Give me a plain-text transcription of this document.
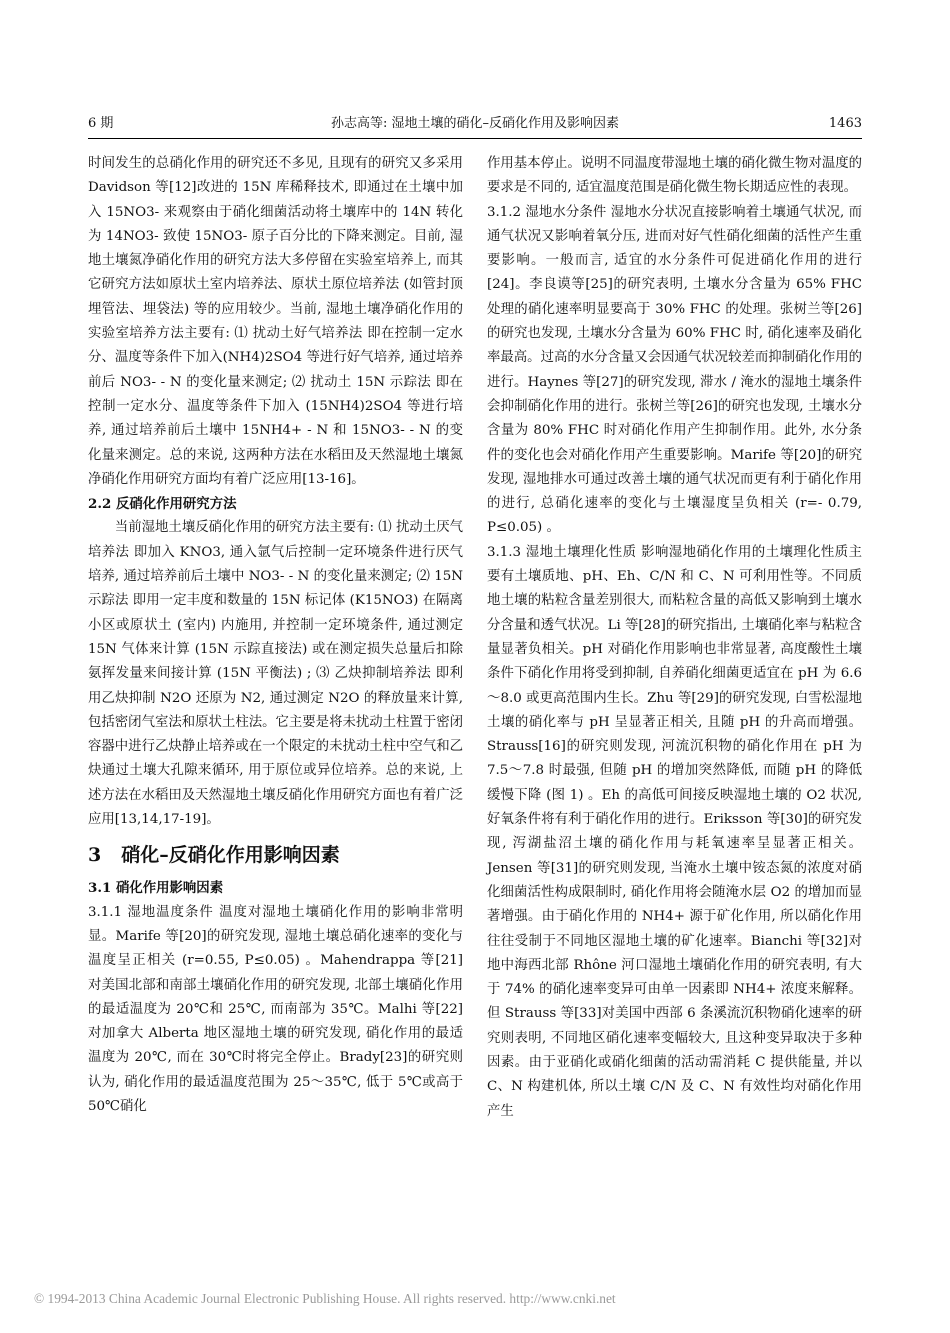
6 期	孙志高等: 湿地土壤的硝化–反硝化作用及影响因素	1463

时间发生的总硝化作用的研究还不多见, 且现有的研究又多采用 Davidson 等[12]改进的 15N 库稀释技术, 即通过在土壤中加入 15NO3- 来观察由于硝化细菌活动将土壤库中的 14N 转化为 14NO3- 致使 15NO3- 原子百分比的下降来测定。目前, 湿地土壤氮净硝化作用的研究方法大多停留在实验室培养上, 而其它研究方法如原状土室内培养法、原状土原位培养法 (如管封顶埋管法、埋袋法) 等的应用较少。当前, 湿地土壤净硝化作用的实验室培养方法主要有: ⑴ 扰动土好气培养法 即在控制一定水分、温度等条件下加入(NH4)2SO4 等进行好气培养, 通过培养前后 NO3- - N 的变化量来测定; ⑵ 扰动土 15N 示踪法 即在控制一定水分、温度等条件下加入 (15NH4)2SO4 等进行培养, 通过培养前后土壤中 15NH4+ - N 和 15NO3- - N 的变化量来测定。总的来说, 这两种方法在水稻田及天然湿地土壤氮净硝化作用研究方面均有着广泛应用[13-16]。

2.2 反硝化作用研究方法

当前湿地土壤反硝化作用的研究方法主要有: ⑴ 扰动土厌气培养法 即加入 KNO3, 通入氩气后控制一定环境条件进行厌气培养, 通过培养前后土壤中 NO3- - N 的变化量来测定; ⑵ 15N 示踪法 即用一定丰度和数量的 15N 标记体 (K15NO3) 在隔离小区或原状土 (室内) 内施用, 并控制一定环境条件, 通过测定 15N 气体来计算 (15N 示踪直接法) 或在测定损失总量后扣除氨挥发量来间接计算 (15N 平衡法) ; ⑶ 乙炔抑制培养法 即利用乙炔抑制 N2O 还原为 N2, 通过测定 N2O 的释放量来计算, 包括密闭气室法和原状土柱法。它主要是将未扰动土柱置于密闭容器中进行乙炔静止培养或在一个限定的未扰动土柱中空气和乙炔通过土壤大孔隙来循环, 用于原位或异位培养。总的来说, 上述方法在水稻田及天然湿地土壤反硝化作用研究方面也有着广泛应用[13,14,17-19]。

3 硝化–反硝化作用影响因素

3.1 硝化作用影响因素

3.1.1 湿地温度条件 温度对湿地土壤硝化作用的影响非常明显。Marife 等[20]的研究发现, 湿地土壤总硝化速率的变化与温度呈正相关 (r=0.55, P≤0.05) 。Mahendrappa 等[21] 对美国北部和南部土壤硝化作用的研究发现, 北部土壤硝化作用的最适温度为 20℃和 25℃, 而南部为 35℃。Malhi 等[22]对加拿大 Alberta 地区湿地土壤的研究发现, 硝化作用的最适温度为 20℃, 而在 30℃时将完全停止。Brady[23]的研究则认为, 硝化作用的最适温度范围为 25～35℃, 低于 5℃或高于 50℃硝化

作用基本停止。说明不同温度带湿地土壤的硝化微生物对温度的要求是不同的, 适宜温度范围是硝化微生物长期适应性的表现。

3.1.2 湿地水分条件 湿地水分状况直接影响着土壤通气状况, 而通气状况又影响着氧分压, 进而对好气性硝化细菌的活性产生重要影响。一般而言, 适宜的水分条件可促进硝化作用的进行[24]。李良谟等[25]的研究表明, 土壤水分含量为 65% FHC 处理的硝化速率明显要高于 30% FHC 的处理。张树兰等[26]的研究也发现, 土壤水分含量为 60% FHC 时, 硝化速率及硝化率最高。过高的水分含量又会因通气状况较差而抑制硝化作用的进行。Haynes 等[27]的研究发现, 滞水 / 淹水的湿地土壤条件会抑制硝化作用的进行。张树兰等[26]的研究也发现, 土壤水分含量为 80% FHC 时对硝化作用产生抑制作用。此外, 水分条件的变化也会对硝化作用产生重要影响。Marife 等[20]的研究发现, 湿地排水可通过改善土壤的通气状况而更有利于硝化作用的进行, 总硝化速率的变化与土壤湿度呈负相关 (r=- 0.79, P≤0.05) 。

3.1.3 湿地土壤理化性质 影响湿地硝化作用的土壤理化性质主要有土壤质地、pH、Eh、C/N 和 C、N 可利用性等。不同质地土壤的粘粒含量差别很大, 而粘粒含量的高低又影响到土壤水分含量和透气状况。Li 等[28]的研究指出, 土壤硝化率与粘粒含量显著负相关。pH 对硝化作用影响也非常显著, 高度酸性土壤条件下硝化作用将受到抑制, 自养硝化细菌更适宜在 pH 为 6.6～8.0 或更高范围内生长。Zhu 等[29]的研究发现, 白雪松湿地土壤的硝化率与 pH 呈显著正相关, 且随 pH 的升高而增强。Strauss[16]的研究则发现, 河流沉积物的硝化作用在 pH 为 7.5～7.8 时最强, 但随 pH 的增加突然降低, 而随 pH 的降低缓慢下降 (图 1) 。Eh 的高低可间接反映湿地土壤的 O2 状况, 好氧条件将有利于硝化作用的进行。Eriksson 等[30]的研究发现, 泻湖盐沼土壤的硝化作用与耗氧速率呈显著正相关。Jensen 等[31]的研究则发现, 当淹水土壤中铵态氮的浓度对硝化细菌活性构成限制时, 硝化作用将会随淹水层 O2 的增加而显著增强。由于硝化作用的 NH4+ 源于矿化作用, 所以硝化作用往往受制于不同地区湿地土壤的矿化速率。Bianchi 等[32]对地中海西北部 Rhône 河口湿地土壤硝化作用的研究表明, 有大于 74% 的硝化速率变异可由单一因素即 NH4+ 浓度来解释。但 Strauss 等[33]对美国中西部 6 条溪流沉积物硝化速率的研究则表明, 不同地区硝化速率变幅较大, 且这种变异取决于多种因素。由于亚硝化或硝化细菌的活动需消耗 C 提供能量, 并以 C、N 构建机体, 所以土壤 C/N 及 C、N 有效性均对硝化作用产生

© 1994-2013 China Academic Journal Electronic Publishing House. All rights reserved. http://www.cnki.net
